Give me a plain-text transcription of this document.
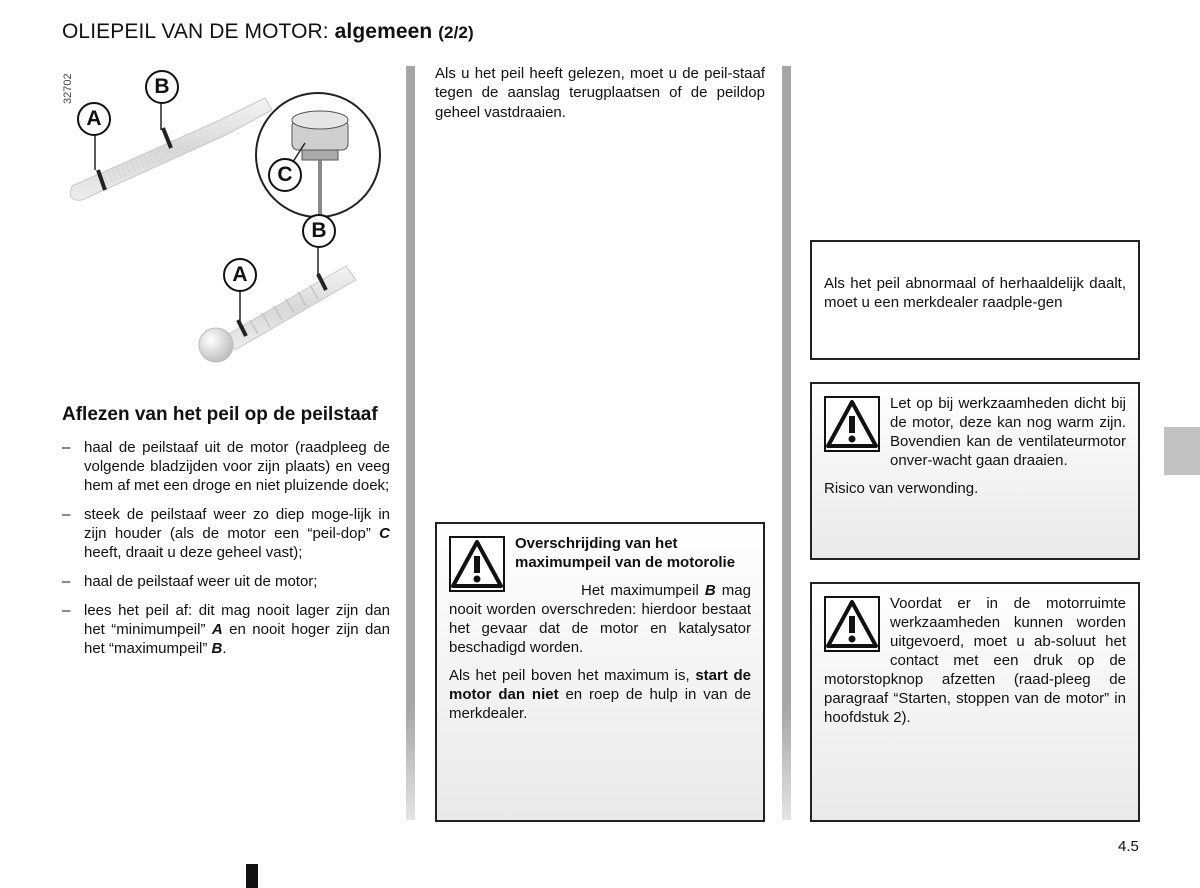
OLIEPEIL VAN DE MOTOR: algemeen (2/2)
32702
A
B
C
B
A
Aflezen van het peil op de peilstaaf
– haal de peilstaaf uit de motor (raadpleeg de volgende bladzijden voor zijn plaats) en veeg hem af met een droge en niet pluizende doek;
– steek de peilstaaf weer zo diep moge-lijk in zijn houder (als de motor een “peil-dop” C heeft, draait u deze geheel vast);
– haal de peilstaaf weer uit de motor;
– lees het peil af: dit mag nooit lager zijn dan het “minimumpeil” A en nooit hoger zijn dan het “maximumpeil” B.
Als u het peil heeft gelezen, moet u de peil-staaf tegen de aanslag terugplaatsen of de peildop geheel vastdraaien.

Overschrijding van het maximumpeil van de motorolie

Het maximumpeil B mag nooit worden overschreden: hierdoor bestaat het gevaar dat de motor en katalysator beschadigd worden.

Als het peil boven het maximum is, start de motor dan niet en roep de hulp in van de merkdealer.

Als het peil abnormaal of herhaaldelijk daalt, moet u een merkdealer raadple-gen

Let op bij werkzaamheden dicht bij de motor, deze kan nog warm zijn. Bovendien kan de ventilateurmotor onver-wacht gaan draaien.

Risico van verwonding.

Voordat er in de motorruimte werkzaamheden kunnen worden uitgevoerd, moet u ab-soluut het contact met een druk op de motorstopknop afzetten (raad-pleeg de paragraaf “Starten, stoppen van de motor” in hoofdstuk 2).

4.5
